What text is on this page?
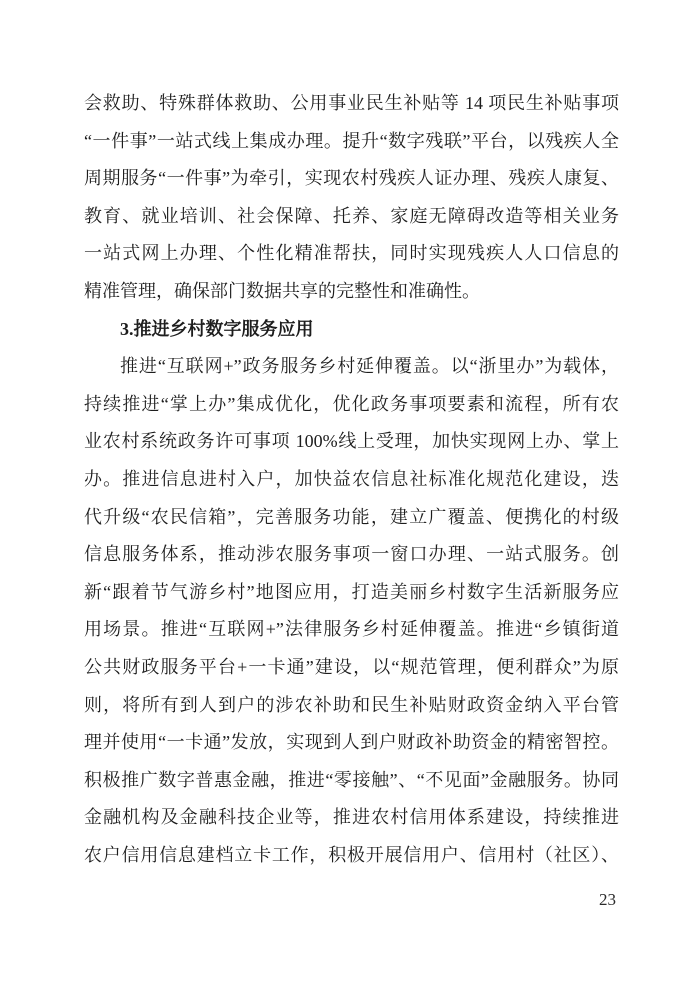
会救助、特殊群体救助、公用事业民生补贴等 14 项民生补贴事项
“一件事”一站式线上集成办理。提升“数字残联”平台，以残疾人全
周期服务“一件事”为牵引，实现农村残疾人证办理、残疾人康复、
教育、就业培训、社会保障、托养、家庭无障碍改造等相关业务
一站式网上办理、个性化精准帮扶，同时实现残疾人人口信息的
精准管理，确保部门数据共享的完整性和准确性。
3.推进乡村数字服务应用
推进“互联网+”政务服务乡村延伸覆盖。以“浙里办”为载体，
持续推进“掌上办”集成优化，优化政务事项要素和流程，所有农
业农村系统政务许可事项 100%线上受理，加快实现网上办、掌上
办。推进信息进村入户，加快益农信息社标准化规范化建设，迭
代升级“农民信箱”，完善服务功能，建立广覆盖、便携化的村级
信息服务体系，推动涉农服务事项一窗口办理、一站式服务。创
新“跟着节气游乡村”地图应用，打造美丽乡村数字生活新服务应
用场景。推进“互联网+”法律服务乡村延伸覆盖。推进“乡镇街道
公共财政服务平台+一卡通”建设，以“规范管理，便利群众”为原
则，将所有到人到户的涉农补助和民生补贴财政资金纳入平台管
理并使用“一卡通”发放，实现到人到户财政补助资金的精密智控。
积极推广数字普惠金融，推进“零接触”、“不见面”金融服务。协同
金融机构及金融科技企业等，推进农村信用体系建设，持续推进
农户信用信息建档立卡工作，积极开展信用户、信用村（社区）、
23
